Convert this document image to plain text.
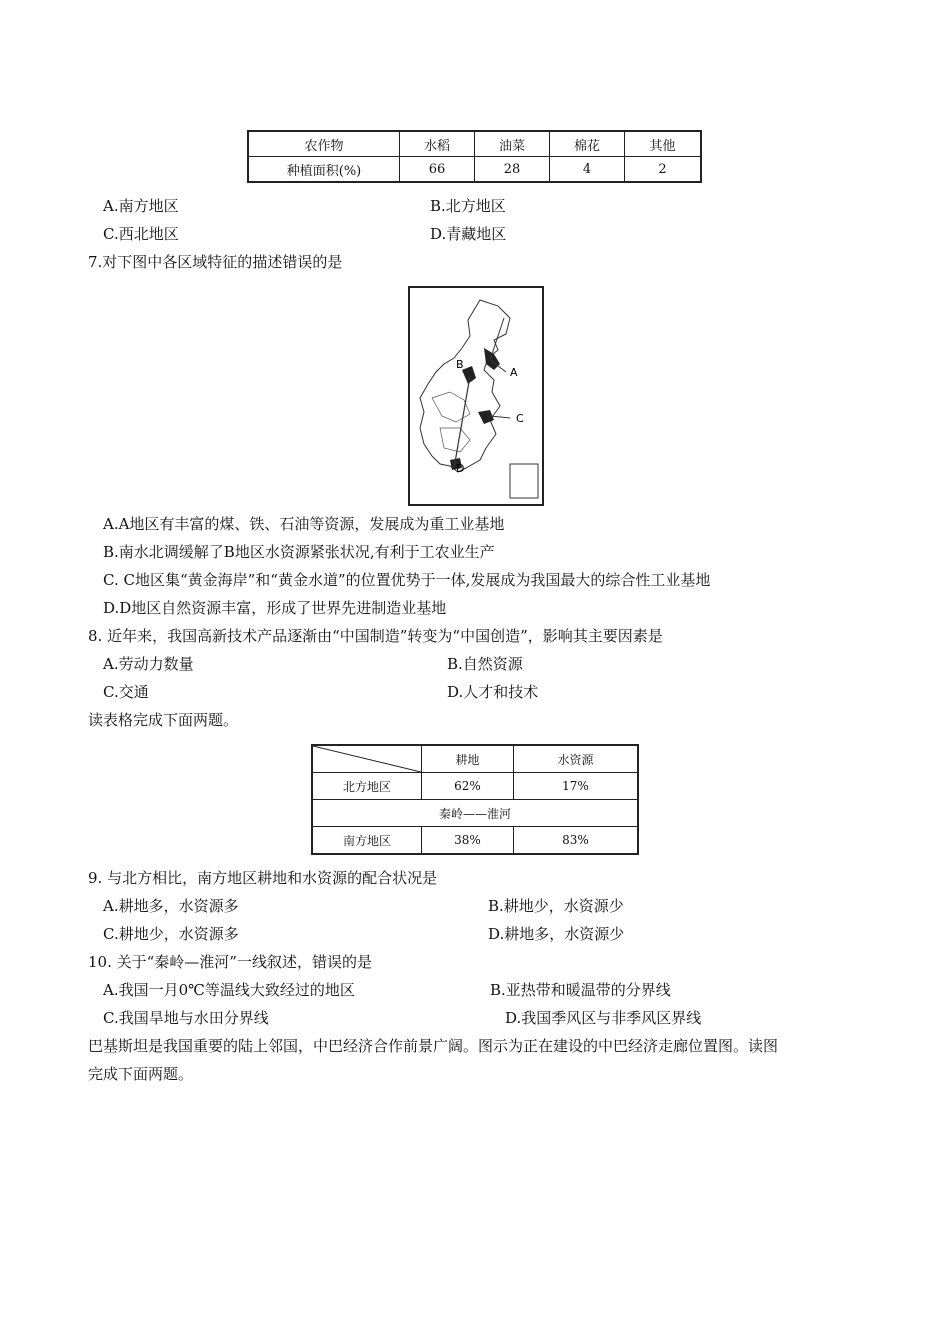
农作物	水稻	油菜	棉花	其他
种植面积(%)	66	28	4	2
A.南方地区	B.北方地区
C.西北地区	D.青藏地区
7.对下图中各区域特征的描述错误的是
B
A
C
D
A.A地区有丰富的煤、铁、石油等资源，发展成为重工业基地
B.南水北调缓解了B地区水资源紧张状况,有利于工农业生产
C. C地区集“黄金海岸”和“黄金水道”的位置优势于一体,发展成为我国最大的综合性工业基地
D.D地区自然资源丰富，形成了世界先进制造业基地
8. 近年来，我国高新技术产品逐渐由“中国制造”转变为“中国创造”，影响其主要因素是
A.劳动力数量	B.自然资源
C.交通	D.人才和技术
读表格完成下面两题。
	耕地	水资源
北方地区	62%	17%
秦岭——淮河		
南方地区	38%	83%
9. 与北方相比，南方地区耕地和水资源的配合状况是
A.耕地多，水资源多	B.耕地少，水资源少
C.耕地少，水资源多	D.耕地多，水资源少
10. 关于“秦岭—淮河”一线叙述，错误的是
A.我国一月0℃等温线大致经过的地区	B.亚热带和暖温带的分界线
C.我国旱地与水田分界线	D.我国季风区与非季风区界线
巴基斯坦是我国重要的陆上邻国，中巴经济合作前景广阔。图示为正在建设的中巴经济走廊位置图。读图
完成下面两题。
